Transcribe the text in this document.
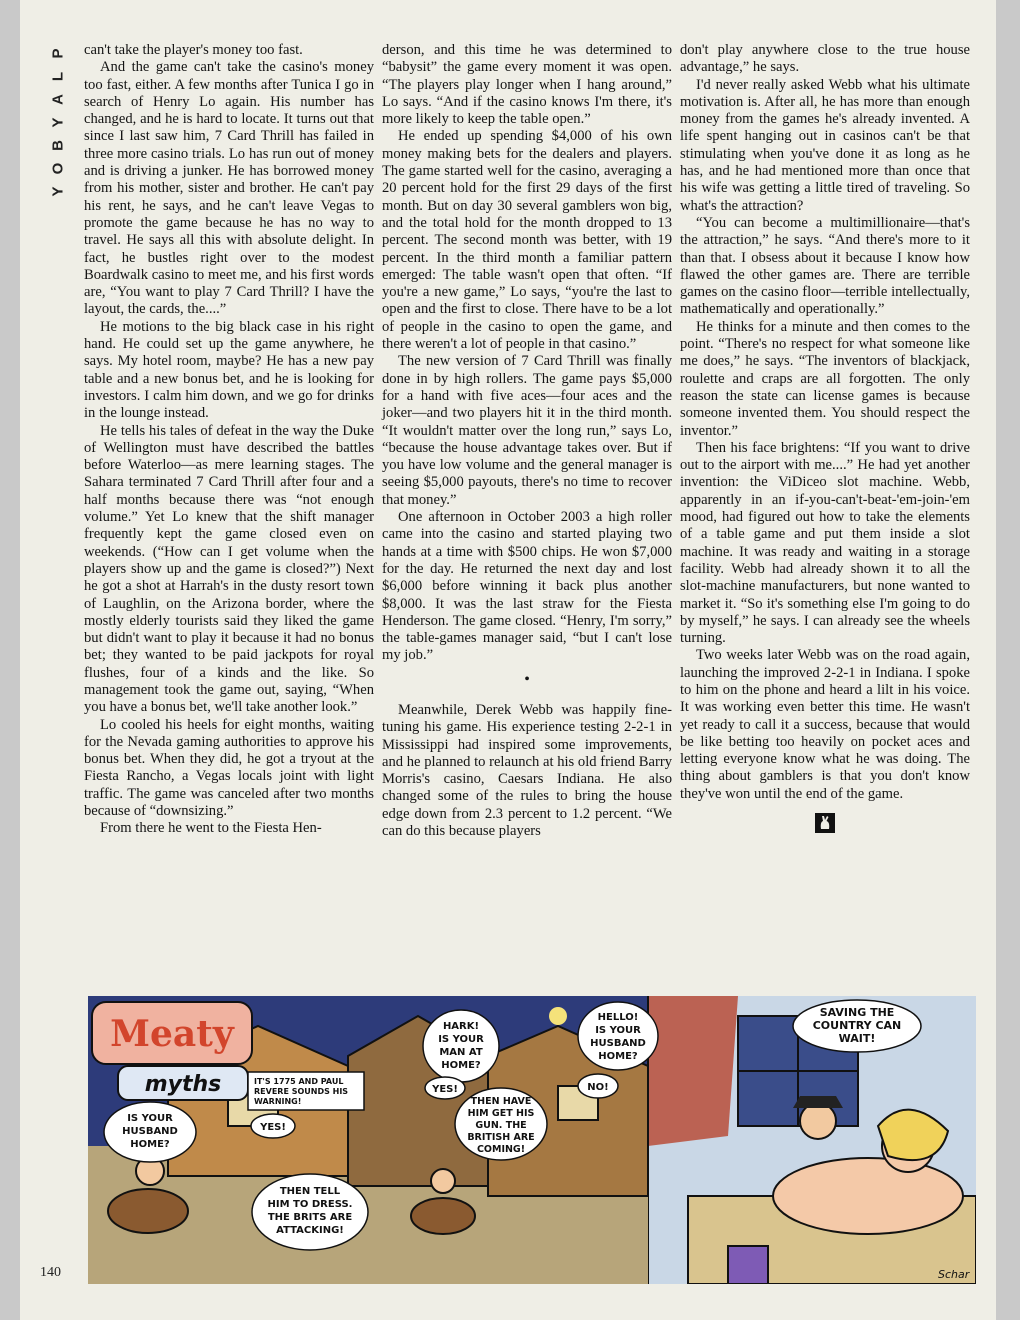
P
L
A
Y
B
O
Y

can't take the player's money too fast.

And the game can't take the casino's money too fast, either. A few months after Tunica I go in search of Henry Lo again. His number has changed, and he is hard to locate. It turns out that since I last saw him, 7 Card Thrill has failed in three more casino trials. Lo has run out of money and is driving a junker. He has borrowed money from his mother, sister and brother. He can't pay his rent, he says, and he can't leave Vegas to promote the game because he has no way to travel. He says all this with absolute delight. In fact, he bustles right over to the modest Boardwalk casino to meet me, and his first words are, “You want to play 7 Card Thrill? I have the layout, the cards, the....”

He motions to the big black case in his right hand. He could set up the game anywhere, he says. My hotel room, maybe? He has a new pay table and a new bonus bet, and he is looking for investors. I calm him down, and we go for drinks in the lounge instead.

He tells his tales of defeat in the way the Duke of Wellington must have described the battles before Waterloo—as mere learning stages. The Sahara terminated 7 Card Thrill after four and a half months because there was “not enough volume.” Yet Lo knew that the shift manager frequently kept the game closed even on weekends. (“How can I get volume when the players show up and the game is closed?”) Next he got a shot at Harrah's in the dusty resort town of Laughlin, on the Arizona border, where the mostly elderly tourists said they liked the game but didn't want to play it because it had no bonus bet; they wanted to be paid jackpots for royal flushes, four of a kinds and the like. So management took the game out, saying, “When you have a bonus bet, we'll take another look.”

Lo cooled his heels for eight months, waiting for the Nevada gaming authorities to approve his bonus bet. When they did, he got a tryout at the Fiesta Rancho, a Vegas locals joint with light traffic. The game was canceled after two months because of “downsizing.”

From there he went to the Fiesta Hen-

derson, and this time he was determined to “babysit” the game every moment it was open. “The players play longer when I hang around,” Lo says. “And if the casino knows I'm there, it's more likely to keep the table open.”

He ended up spending $4,000 of his own money making bets for the dealers and players. The game started well for the casino, averaging a 20 percent hold for the first 29 days of the first month. But on day 30 several gamblers won big, and the total hold for the month dropped to 13 percent. The second month was better, with 19 percent. In the third month a familiar pattern emerged: The table wasn't open that often. “If you're a new game,” Lo says, “you're the last to open and the first to close. There have to be a lot of people in the casino to open the game, and there weren't a lot of people in that casino.”

The new version of 7 Card Thrill was finally done in by high rollers. The game pays $5,000 for a hand with five aces—four aces and the joker—and two players hit it in the third month. “It wouldn't matter over the long run,” says Lo, “because the house advantage takes over. But if you have low volume and the general manager is seeing $5,000 payouts, there's no time to recover that money.”

One afternoon in October 2003 a high roller came into the casino and started playing two hands at a time with $500 chips. He won $7,000 for the day. He returned the next day and lost $6,000 before winning it back plus another $8,000. It was the last straw for the Fiesta Henderson. The game closed. “Henry, I'm sorry,” the table-games manager said, “but I can't lose my job.”

•

Meanwhile, Derek Webb was happily fine-tuning his game. His experience testing 2-2-1 in Mississippi had inspired some improvements, and he planned to relaunch at his old friend Barry Morris's casino, Caesars Indiana. He also changed some of the rules to bring the house edge down from 2.3 percent to 1.2 percent. “We can do this because players

don't play anywhere close to the true house advantage,” he says.

I'd never really asked Webb what his ultimate motivation is. After all, he has more than enough money from the games he's already invented. A life spent hanging out in casinos can't be that stimulating when you've done it as long as he has, and he had mentioned more than once that his wife was getting a little tired of traveling. So what's the attraction?

“You can become a multimillionaire—that's the attraction,” he says. “And there's more to it than that. I obsess about it because I know how flawed the other games are. There are terrible games on the casino floor—terrible intellectually, mathematically and operationally.”

He thinks for a minute and then comes to the point. “There's no respect for what someone like me does,” he says. “The inventors of blackjack, roulette and craps are all forgotten. The only reason the state can license games is because someone invented them. You should respect the inventor.”

Then his face brightens: “If you want to drive out to the airport with me....” He had yet another invention: the ViDiceo slot machine. Webb, apparently in an if-you-can't-beat-'em-join-'em mood, had figured out how to take the elements of a table game and put them inside a slot machine. It was ready and waiting in a storage facility. Webb had already shown it to all the slot-machine manufacturers, but none wanted to market it. “So it's something else I'm going to do by myself,” he says. I can already see the wheels turning.

Two weeks later Webb was on the road again, launching the improved 2-2-1 in Indiana. I spoke to him on the phone and heard a lilt in his voice. It was working even better this time. He wasn't yet ready to call it a success, because that would be like betting too heavily on pocket aces and letting everyone know what he was doing. The thing about gamblers is that you don't know they've won until the end of the game.

Meaty
myths	IT'S 1775 AND PAUL REVERE SOUNDS HIS WARNING!
IS YOUR HUSBAND HOME?
YES!
THEN TELL HIM TO DRESS. THE BRITS ARE ATTACKING!
HARK! IS YOUR MAN AT HOME?
YES!
THEN HAVE HIM GET HIS GUN. THE BRITISH ARE COMING!
HELLO! IS YOUR HUSBAND HOME?
NO!
SAVING THE COUNTRY CAN WAIT!
Schar
140
